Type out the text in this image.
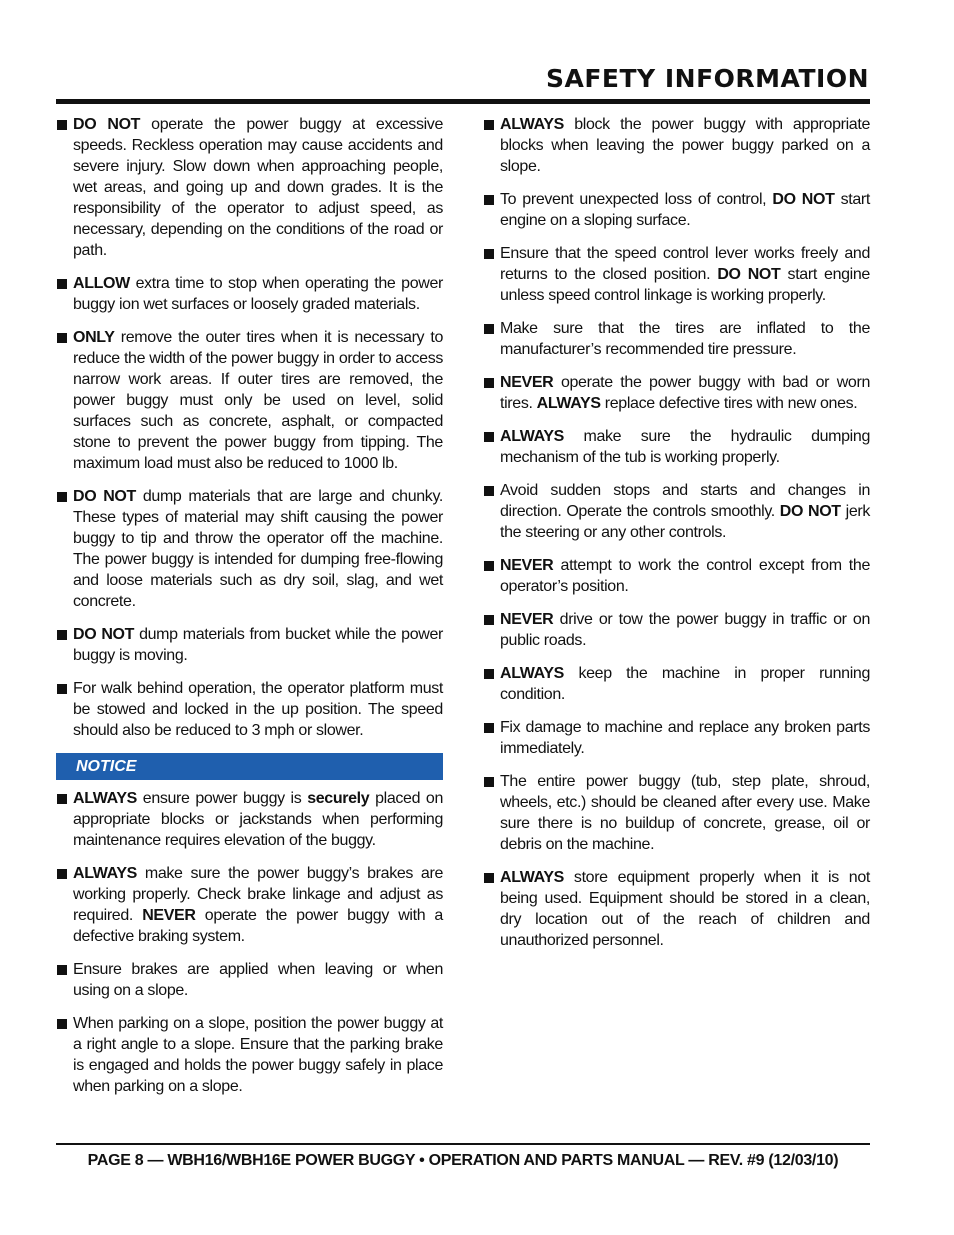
SAFETY INFORMATION
DO NOT operate the power buggy at excessive speeds. Reckless operation may cause accidents and severe injury. Slow down when approaching people, wet areas, and going up and down grades. It is the responsibility of the operator to adjust speed, as necessary, depending on the conditions of the road or path.
ALLOW extra time to stop when operating the power buggy ion wet surfaces or loosely graded materials.
ONLY remove the outer tires when it is necessary to reduce the width of the power buggy in order to access narrow work areas. If outer tires are removed, the power buggy must only be used on level, solid surfaces such as concrete, asphalt, or compacted stone to prevent the power buggy from tipping. The maximum load must also be reduced to 1000 lb.
DO NOT dump materials that are large and chunky. These types of material may shift causing the power buggy to tip and throw the operator off the machine. The power buggy is intended for dumping free-flowing and loose materials such as dry soil, slag, and wet concrete.
DO NOT dump materials from bucket while the power buggy is moving.
For walk behind operation, the operator platform must be stowed and locked in the up position. The speed should also be reduced to 3 mph or slower.
NOTICE
ALWAYS ensure power buggy is securely placed on appropriate blocks or jackstands when performing maintenance requires elevation of the buggy.
ALWAYS make sure the power buggy’s brakes are working properly. Check brake linkage and adjust as required. NEVER operate the power buggy with a defective braking system.
Ensure brakes are applied when leaving or when using on a slope.
When parking on a slope, position the power buggy at a right angle to a slope. Ensure that the parking brake is engaged and holds the power buggy safely in place when parking on a slope.
ALWAYS block the power buggy with appropriate blocks when leaving the power buggy parked on a slope.
To prevent unexpected loss of control, DO NOT start engine on a sloping surface.
Ensure that the speed control lever works freely and returns to the closed position. DO NOT start engine unless speed control linkage is working properly.
Make sure that the tires are inflated to the manufacturer’s recommended tire pressure.
NEVER operate the power buggy with bad or worn tires. ALWAYS replace defective tires with new ones.
ALWAYS make sure the hydraulic dumping mechanism of the tub is working properly.
Avoid sudden stops and starts and changes in direction. Operate the controls smoothly. DO NOT jerk the steering or any other controls.
NEVER attempt to work the control except from the operator’s position.
NEVER drive or tow the power buggy in traffic or on public roads.
ALWAYS keep the machine in proper running condition.
Fix damage to machine and replace any broken parts immediately.
The entire power buggy (tub, step plate, shroud, wheels, etc.) should be cleaned after every use. Make sure there is no buildup of concrete, grease, oil or debris on the machine.
ALWAYS store equipment properly when it is not being used. Equipment should be stored in a clean, dry location out of the reach of children and unauthorized personnel.
PAGE 8 — WBH16/WBH16E POWER BUGGY • OPERATION AND PARTS MANUAL — REV. #9 (12/03/10)
